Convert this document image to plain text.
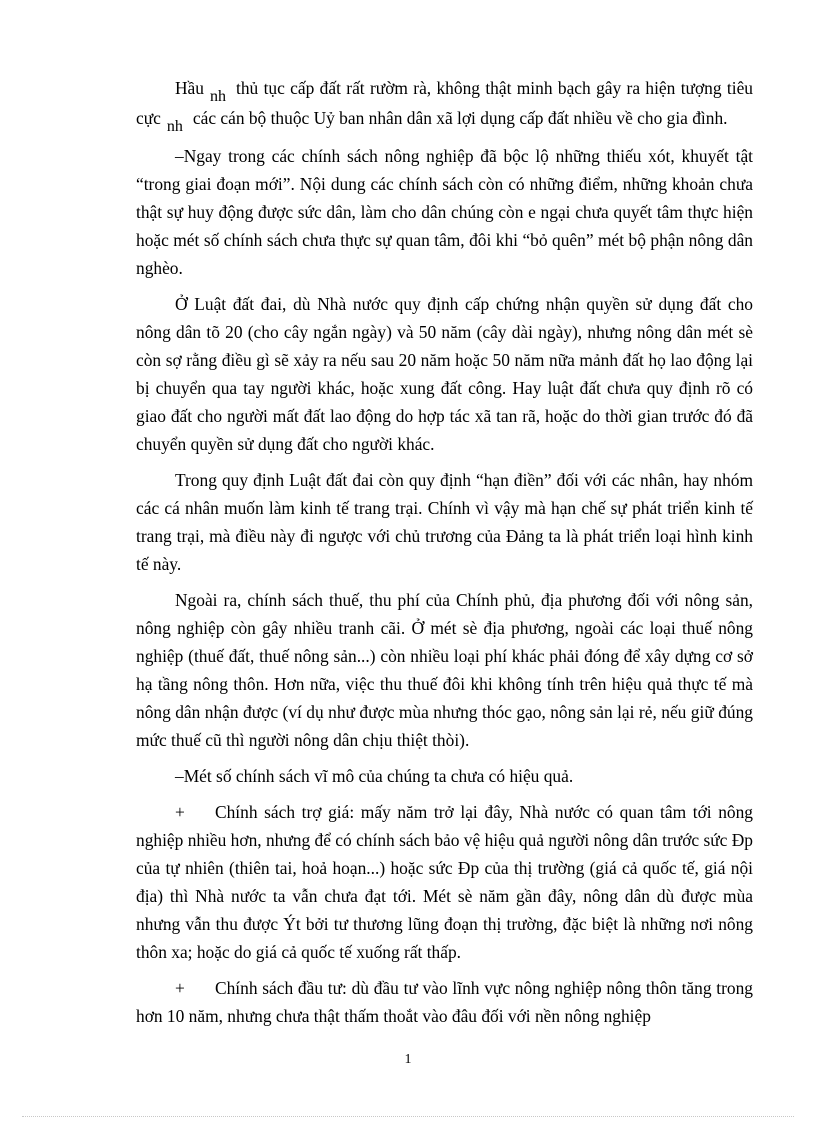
Hầu nh thủ tục cấp đất rất rườm rà, không thật minh bạch gây ra hiện tượng tiêu cực nh các cán bộ thuộc Uỷ ban nhân dân xã lợi dụng cấp đất nhiều về cho gia đình.

–Ngay trong các chính sách nông nghiệp đã bộc lộ những thiếu xót, khuyết tật “trong giai đoạn mới”. Nội dung các chính sách còn có những điểm, những khoản chưa thật sự huy động được sức dân, làm cho dân chúng còn e ngại chưa quyết tâm thực hiện hoặc mét số chính sách chưa thực sự quan tâm, đôi khi “bỏ quên” mét bộ phận nông dân nghèo.

Ở Luật đất đai, dù Nhà nước quy định cấp chứng nhận quyền sử dụng đất cho nông dân tõ 20 (cho cây ngắn ngày) và 50 năm (cây dài ngày), nhưng nông dân mét sè còn sợ rằng điều gì sẽ xảy ra nếu sau 20 năm hoặc 50 năm nữa mảnh đất họ lao động lại bị chuyển qua tay người khác, hoặc xung đất công. Hay luật đất chưa quy định rõ có giao đất cho người mất đất lao động do hợp tác xã tan rã, hoặc do thời gian trước đó đã chuyển quyền sử dụng đất cho người khác.

Trong quy định Luật đất đai còn quy định “hạn điền” đối với các nhân, hay nhóm các cá nhân muốn làm kinh tế trang trại. Chính vì vậy mà hạn chế sự phát triển kinh tế trang trại, mà điều này đi ngược với chủ trương của Đảng ta là phát triển loại hình kinh tế này.

Ngoài ra, chính sách thuế, thu phí của Chính phủ, địa phương đối với nông sản, nông nghiệp còn gây nhiều tranh cãi. Ở mét sè địa phương, ngoài các loại thuế nông nghiệp (thuế đất, thuế nông sản...) còn nhiều loại phí khác phải đóng để xây dựng cơ sở hạ tầng nông thôn. Hơn nữa, việc thu thuế đôi khi không tính trên hiệu quả thực tế mà nông dân nhận được (ví dụ như được mùa nhưng thóc gạo, nông sản lại rẻ, nếu giữ đúng mức thuế cũ thì người nông dân chịu thiệt thòi).

–Mét số chính sách vĩ mô của chúng ta chưa có hiệu quả.

+ Chính sách trợ giá: mấy năm trở lại đây, Nhà nước có quan tâm tới nông nghiệp nhiều hơn, nhưng để có chính sách bảo vệ hiệu quả người nông dân trước sức Đp của tự nhiên (thiên tai, hoả hoạn...) hoặc sức Đp của thị trường (giá cả quốc tế, giá nội địa) thì Nhà nước ta vẫn chưa đạt tới. Mét sè năm gần đây, nông dân dù được mùa nhưng vẫn thu được Ýt bởi tư thương lũng đoạn thị trường, đặc biệt là những nơi nông thôn xa; hoặc do giá cả quốc tế xuống rất thấp.

+ Chính sách đầu tư: dù đầu tư vào lĩnh vực nông nghiệp nông thôn tăng trong hơn 10 năm, nhưng chưa thật thấm thoắt vào đâu đối với nền nông nghiệp

1
